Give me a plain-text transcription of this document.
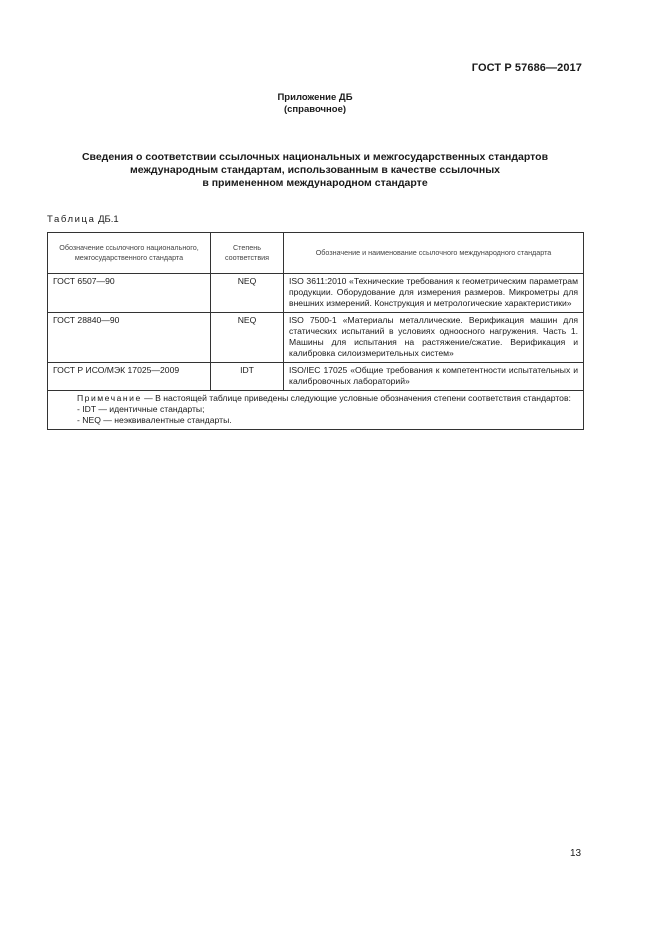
ГОСТ Р 57686—2017
Приложение ДБ
(справочное)
Сведения о соответствии ссылочных национальных и межгосударственных стандартов
международным стандартам, использованным в качестве ссылочных
в примененном международном стандарте
Таблица ДБ.1
Обозначение ссылочного национального, межгосударственного стандарта	Степень соответствия	Обозначение и наименование ссылочного международного стандарта
ГОСТ 6507—90	NEQ	ISO 3611:2010 «Технические требования к геометрическим параметрам продукции. Оборудование для измерения размеров. Микрометры для внешних измерений. Конструкция и метрологические характеристики»
ГОСТ 28840—90	NEQ	ISO 7500-1 «Материалы металлические. Верификация машин для статических испытаний в условиях одноосного нагружения. Часть 1. Машины для испытания на растяжение/сжатие. Верификация и калибровка силоизмерительных систем»
ГОСТ Р ИСО/МЭК 17025—2009	IDT	ISO/IEC 17025 «Общие требования к компетентности испытательных и калибровочных лабораторий»

Примечание — В настоящей таблице приведены следующие условные обозначения степени соответствия стандартов:
- IDT — идентичные стандарты;
- NEQ — неэквивалентные стандарты.		
13
